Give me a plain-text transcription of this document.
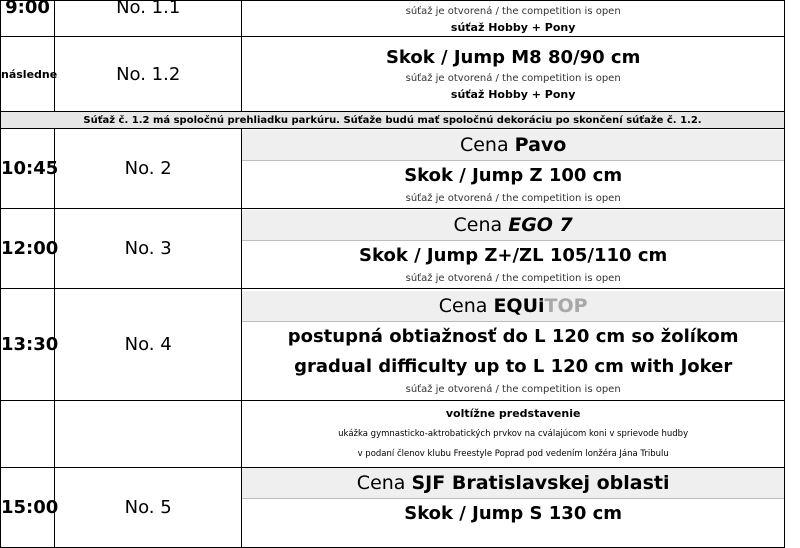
9:00	No. 1.1	súťaž je otvorená / the competition is open
súťaž Hobby + Pony

následne	No. 1.2	Skok / Jump M8 80/90 cm
súťaž je otvorená / the competition is open
súťaž Hobby + Pony

Súťaž č. 1.2 má spoločnú prehliadku parkúru. Súťaže budú mať spoločnú dekoráciu po skončení súťaže č. 1.2.		
10:45	No. 2	Cena Pavo
Skok / Jump Z 100 cm
súťaž je otvorená / the competition is open

12:00	No. 3	Cena EGO 7
Skok / Jump Z+/ZL 105/110 cm
súťaž je otvorená / the competition is open

13:30	No. 4	Cena EQUiTOP
postupná obtiažnosť do L 120 cm so žolíkom
gradual difficulty up to L 120 cm with Joker
súťaž je otvorená / the competition is open

		voltížne predstavenie
ukážka gymnasticko-aktrobatických prvkov na cválajúcom koni v sprievode hudby
v podaní členov klubu Freestyle Poprad pod vedením lonžéra Jána Tribulu

15:00	No. 5	Cena SJF Bratislavskej oblasti
Skok / Jump S 130 cm
